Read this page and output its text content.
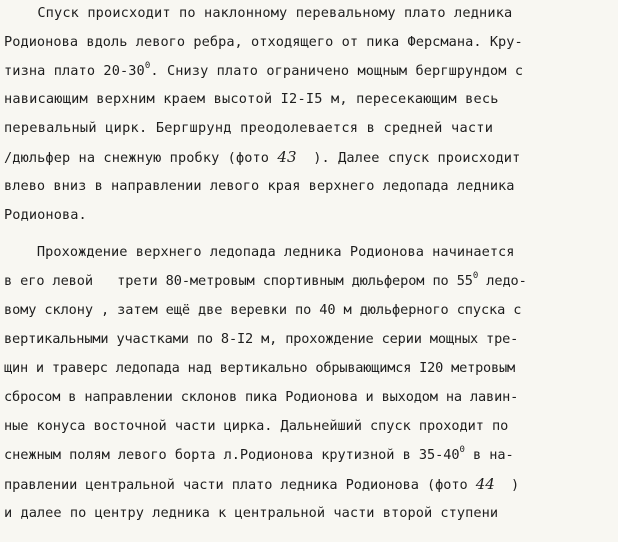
Спуск происходит по наклонному перевальному плато ледника
Родионова вдоль левого ребра, отходящего от пика Ферсмана. Кру-
тизна плато $20-30^0$. Снизу плато ограничено мощным бергшрундом с
нависающим верхним краем высотой I2-I5 м, пересекающим весь
перевальный цирк. Бергшрунд преодолевается в средней части
/дюльфер на снежную пробку (фото 43  ). Далее спуск происходит
влево вниз в направлении левого края верхнего ледопада ледника
Родионова.
Прохождение верхнего ледопада ледника Родионова начинается
в его левой   трети 80-метровым спортивным дюльфером по $55^0$ ледо-
вому склону , затем ещё две веревки по 40 м дюльферного спуска с
вертикальными участками по 8-I2 м, прохождение серии мощных тре-
щин и траверс ледопада над вертикально обрывающимся I20 метровым
сбросом в направлении склонов пика Родионова и выходом на лавин-
ные конуса восточной части цирка. Дальнейший спуск проходит по
снежным полям левого борта л.Родионова крутизной в $35-40^0$ в на-
правлении центральной части плато ледника Родионова (фото 44  )
и далее по центру ледника к центральной части второй ступени
